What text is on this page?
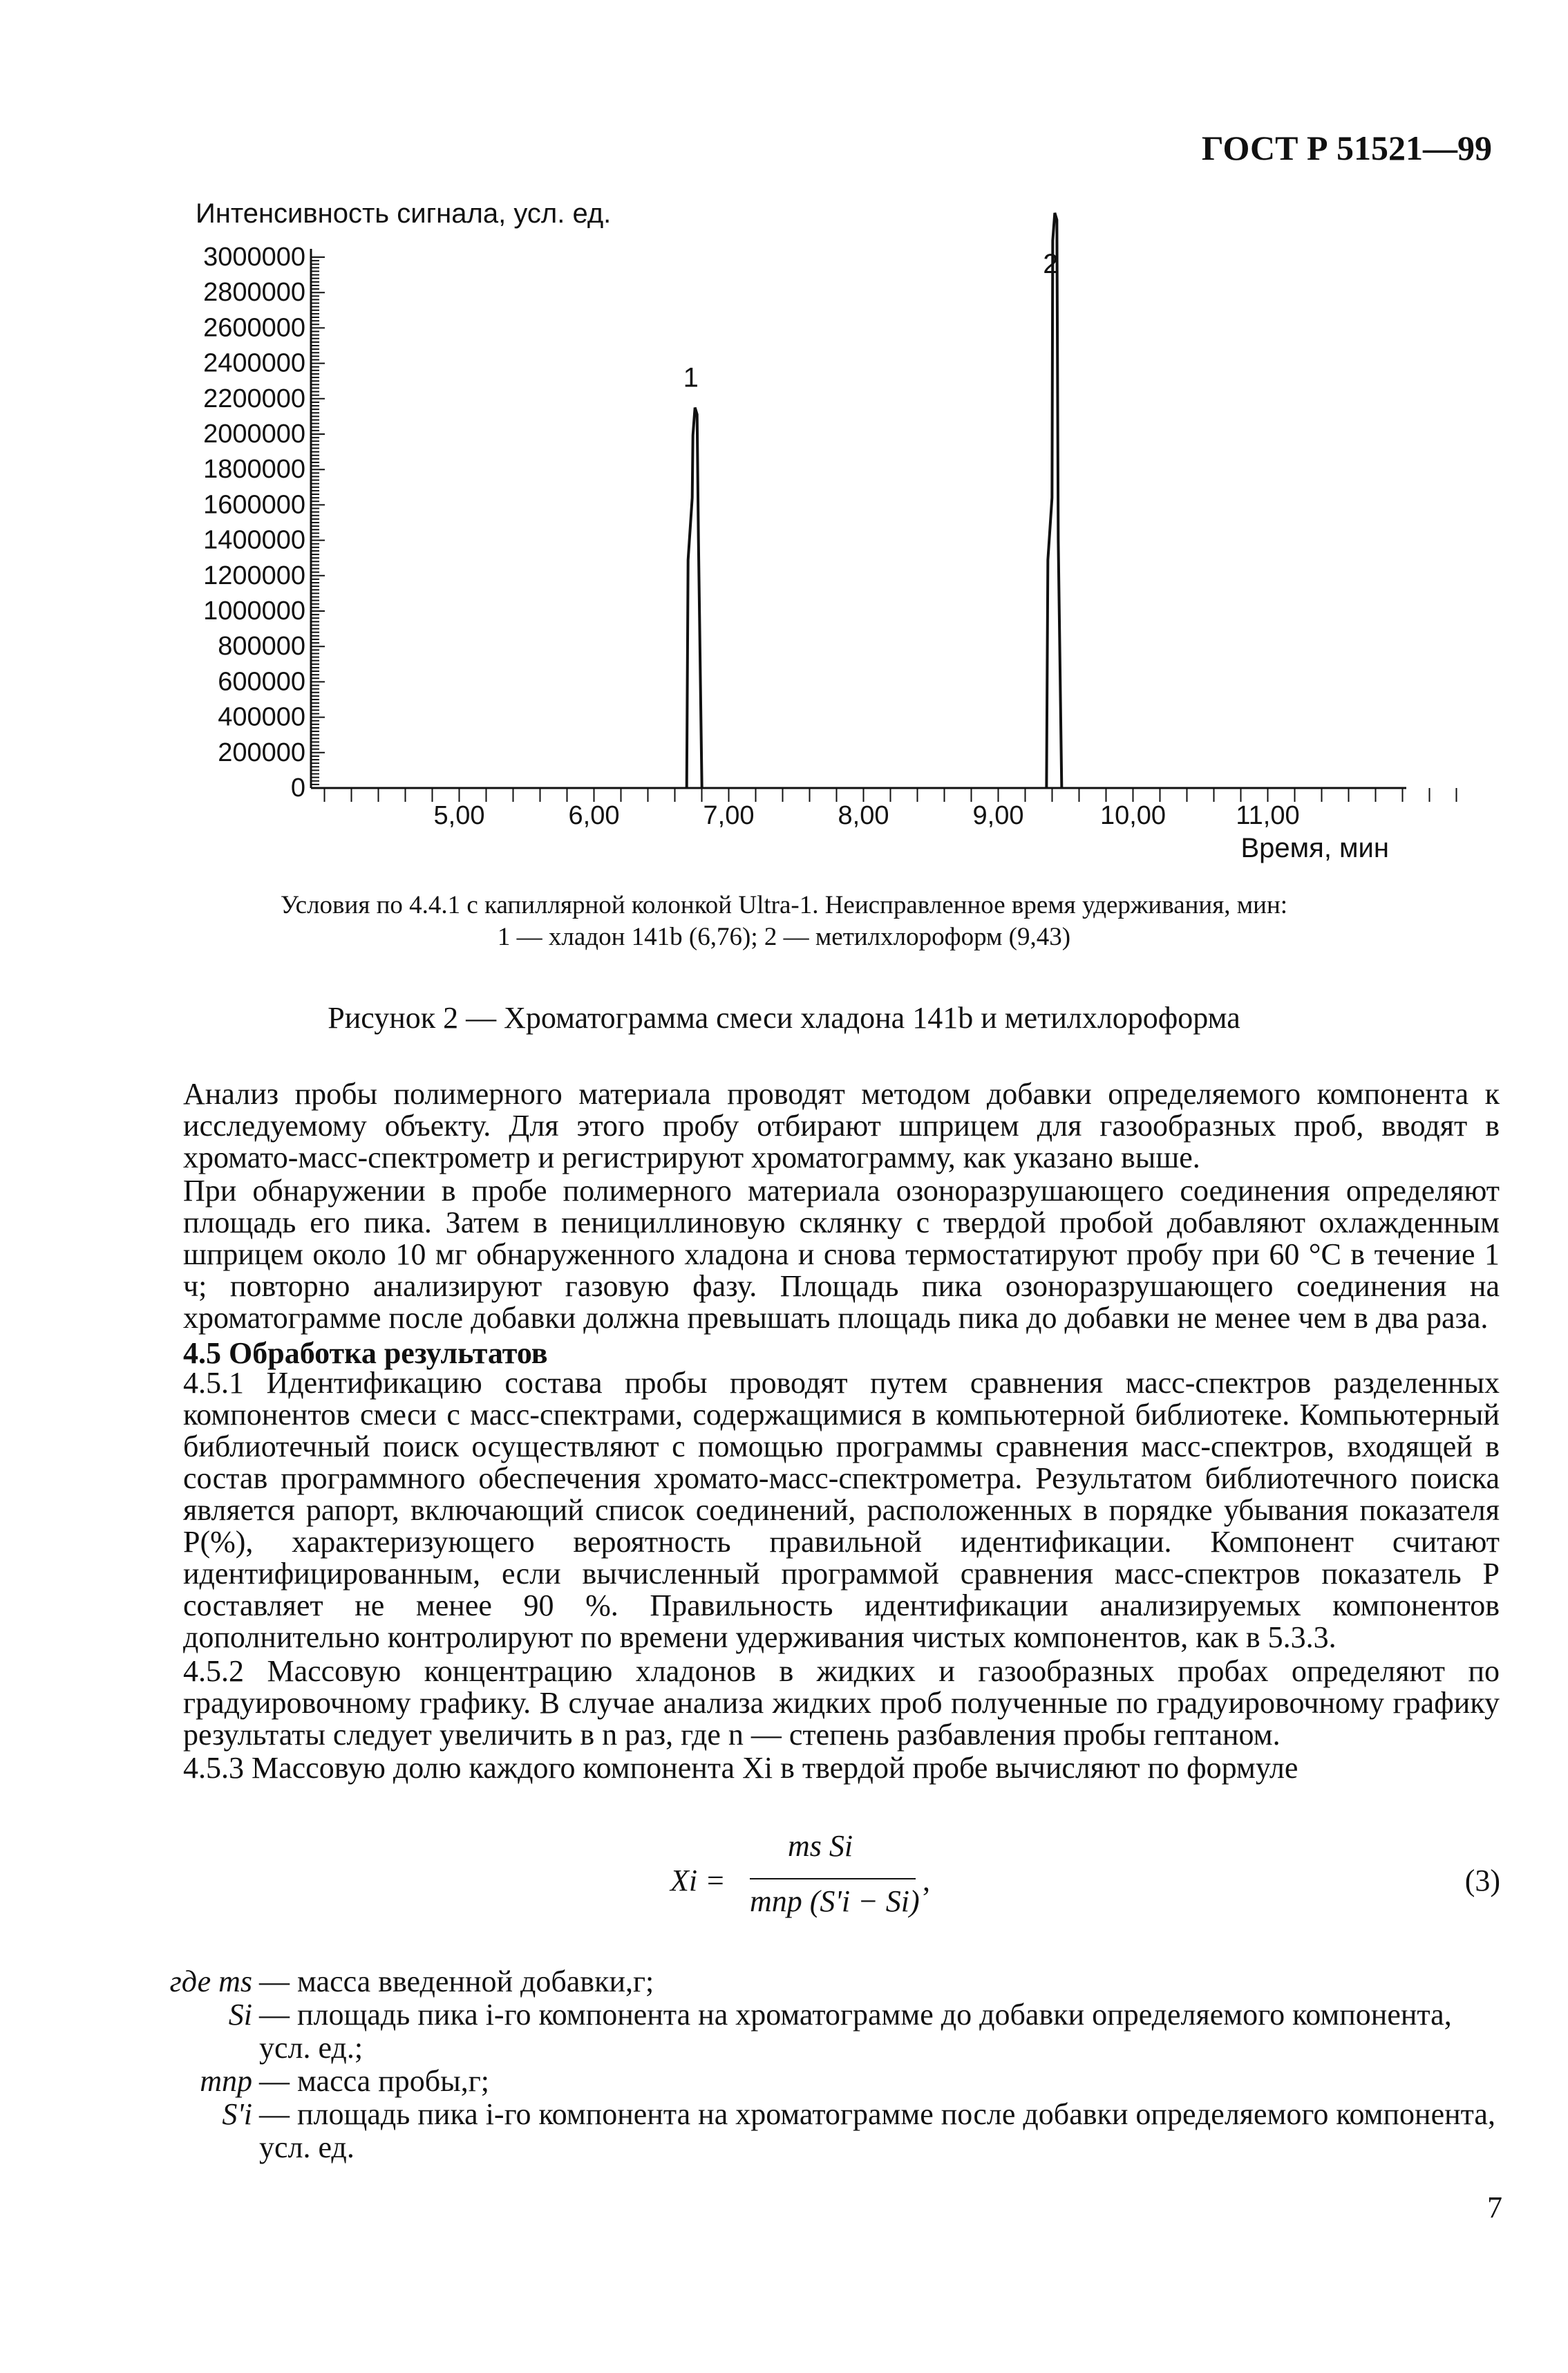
ГОСТ Р 51521—99
3000000
2800000
2600000
2400000
2200000
2000000
1800000
1600000
1400000
1200000
1000000
800000
600000
400000
200000
0
5,00	6,00	7,00	8,00	9,00	10,00	11,00
Интенсивность сигнала, усл. ед.
Время, мин
1
2
Условия по 4.4.1 с капиллярной колонкой Ultra-1. Неисправленное время удерживания, мин:
1 — хладон 141b (6,76); 2 — метилхлороформ (9,43)
Рисунок 2 — Хроматограмма смеси хладона 141b и метилхлороформа
Анализ пробы полимерного материала проводят методом добавки определяемого компонента к исследуемому объекту. Для этого пробу отбирают шприцем для газообразных проб, вводят в хромато-масс-спектрометр и регистрируют хроматограмму, как указано выше.
При обнаружении в пробе полимерного материала озоноразрушающего соединения определяют площадь его пика. Затем в пенициллиновую склянку с твердой пробой добавляют охлажденным шприцем около 10 мг обнаруженного хладона и снова термостатируют пробу при 60 °С в течение 1 ч; повторно анализируют газовую фазу. Площадь пика озоноразрушающего соединения на хроматограмме после добавки должна превышать площадь пика до добавки не менее чем в два раза.
4.5 Обработка результатов
4.5.1 Идентификацию состава пробы проводят путем сравнения масс-спектров разделенных компонентов смеси с масс-спектрами, содержащимися в компьютерной библиотеке. Компьютерный библиотечный поиск осуществляют с помощью программы сравнения масс-спектров, входящей в состав программного обеспечения хромато-масс-спектрометра. Результатом библиотечного поиска является рапорт, включающий список соединений, расположенных в порядке убывания показателя P(%), характеризующего вероятность правильной идентификации. Компонент считают идентифицированным, если вычисленный программой сравнения масс-спектров показатель P составляет не менее 90 %. Правильность идентификации анализируемых компонентов дополнительно контролируют по времени удерживания чистых компонентов, как в 5.3.3.
4.5.2 Массовую концентрацию хладонов в жидких и газообразных пробах определяют по градуировочному графику. В случае анализа жидких проб полученные по градуировочному графику результаты следует увеличить в n раз, где n — степень разбавления пробы гептаном.
4.5.3 Массовую долю каждого компонента Xi в твердой пробе вычисляют по формуле
Xi =
ms Si
mпр (S'i − Si)
,	(3)
где ms — масса введенной добавки,г;
Si — площадь пика i-го компонента на хроматограмме до добавки определяемого компонента, усл. ед.;
mпр — масса пробы,г;
S'i — площадь пика i-го компонента на хроматограмме после добавки определяемого компонента, усл. ед.
7
